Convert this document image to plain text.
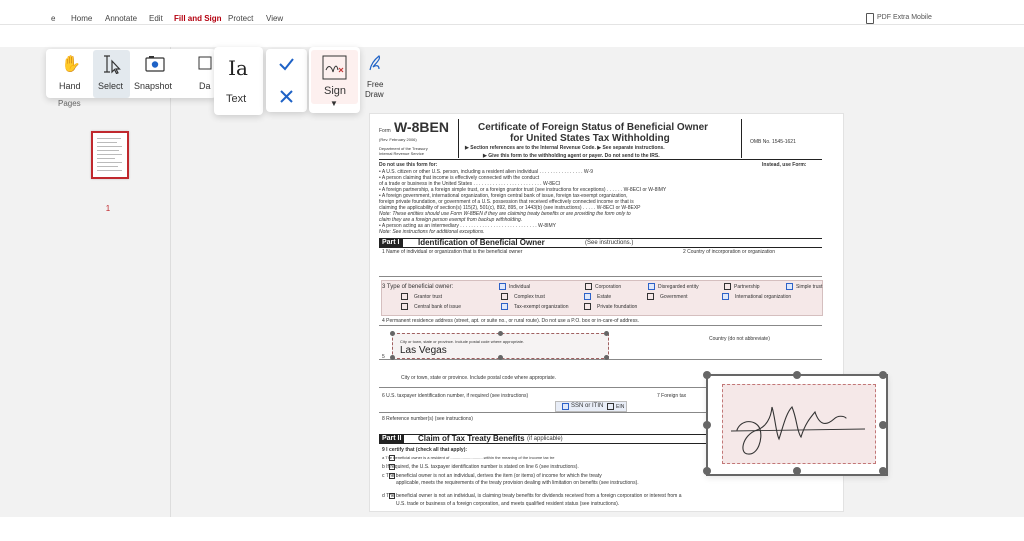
e Home Annotate Edit Fill and Sign Protect View	PDF Extra Mobile
Pages
1
Form W-8BEN
(Rev. February 2006)
Department of the Treasury
Internal Revenue Service
Certificate of Foreign Status of Beneficial Owner
for United States Tax Withholding
▶ Section references are to the Internal Revenue Code. ▶ See separate instructions.
▶ Give this form to the withholding agent or payer. Do not send to the IRS.
OMB No. 1545-1621
Do not use this form for:	Instead, use Form:
• A U.S. citizen or other U.S. person, including a resident alien individual . . . . . . . . . . . . . . . . W-9
• A person claiming that income is effectively connected with the conduct
of a trade or business in the United States . . . . . . . . . . . . . . . . . . . . . . . . . W-8ECI
• A foreign partnership, a foreign simple trust, or a foreign grantor trust (see instructions for exceptions) . . . . . . W-8ECI or W-8IMY
• A foreign government, international organization, foreign central bank of issue, foreign tax-exempt organization,
foreign private foundation, or government of a U.S. possession that received effectively connected income or that is
claiming the applicability of section(s) 115(2), 501(c), 892, 895, or 1443(b) (see instructions) . . . . . W-8ECI or W-8EXP
Note: These entities should use Form W-8BEN if they are claiming treaty benefits or are providing the form only to
claim they are a foreign person exempt from backup withholding.
• A person acting as an intermediary . . . . . . . . . . . . . . . . . . . . . . . . . . . . W-8IMY
Note: See instructions for additional exceptions.
Part I	Identification of Beneficial Owner	(See instructions.)
1 Name of individual or organization that is the beneficial owner	2 Country of incorporation or organization
3 Type of beneficial owner:	Individual	Corporation	Disregarded entity	Partnership	Simple trust
Grantor trust	Complex trust	Estate	Government	International organization
Central bank of issue	Tax-exempt organization	Private foundation
4 Permanent residence address (street, apt. or suite no., or rural route). Do not use a P.O. box or in-care-of address.
Country (do not abbreviate)
5
City or town, state or province. Include postal code where appropriate.
6 U.S. taxpayer identification number, if required (see instructions)	7 Foreign tax
SSN or ITIN	EIN
8 Reference number(s) (see instructions)
Part II	Claim of Tax Treaty Benefits (if applicable)
9 I certify that (check all that apply):
a The beneficial owner is a resident of ..............................within the meaning of the income tax tre
b If required, the U.S. taxpayer identification number is stated on line 6 (see instructions).
c The beneficial owner is not an individual, derives the item (or items) of income for which the treaty
applicable, meets the requirements of the treaty provision dealing with limitation on benefits (see instructions).
d The beneficial owner is not an individual, is claiming treaty benefits for dividends received from a foreign corporation or interest from a
U.S. trade or business of a foreign corporation, and meets qualified resident status (see instructions).
City or town, state or province. Include postal code where appropriate.
Las Vegas
✋
Hand Select Snapshot	Da
Ia
Text
Sign
▼
Free
Draw
